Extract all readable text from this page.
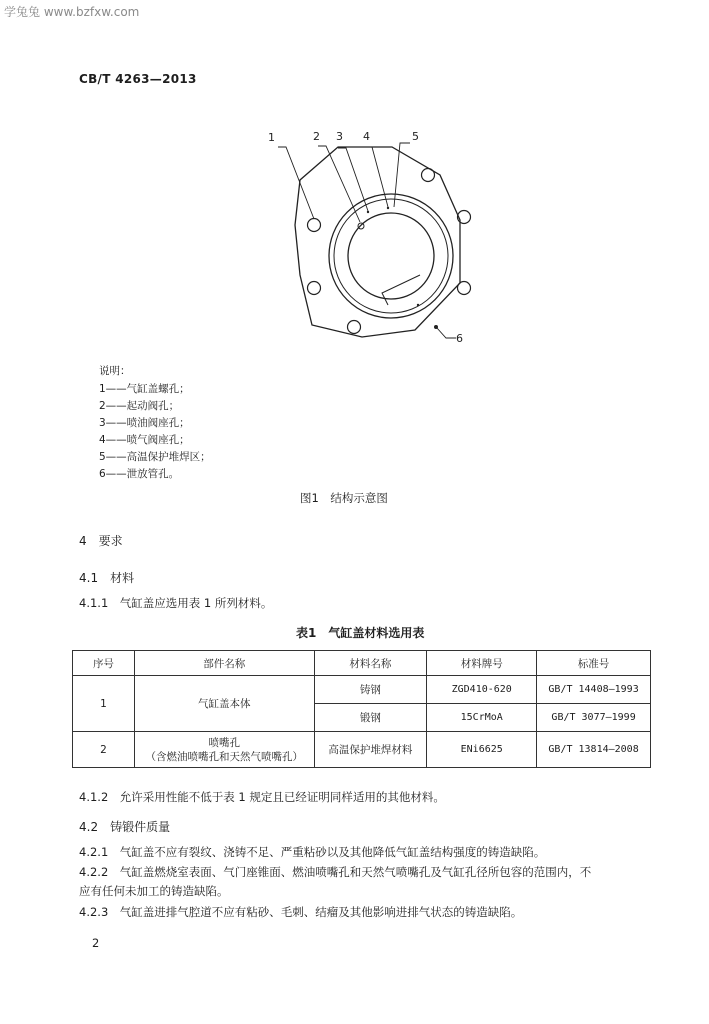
学兔兔 www.bzfxw.com
CB/T 4263—2013
1	2 3 4	5
6
说明：
1——气缸盖螺孔；
2——起动阀孔；
3——喷油阀座孔；
4——喷气阀座孔；
5——高温保护堆焊区；
6——泄放管孔。
图1　结构示意图
4　要求
4.1　材料
4.1.1　气缸盖应选用表 1 所列材料。
表1　气缸盖材料选用表
序号	部件名称	材料名称	材料牌号	标准号
1	气缸盖本体	铸钢	ZGD410-620	GB/T 14408—1993
		锻钢	15CrMoA	GB/T 3077—1999
2	喷嘴孔
（含燃油喷嘴孔和天然气喷嘴孔）	高温保护堆焊材料	ENi6625	GB/T 13814—2008
4.1.2　允许采用性能不低于表 1 规定且已经证明同样适用的其他材料。
4.2　铸锻件质量
4.2.1　气缸盖不应有裂纹、浇铸不足、严重粘砂以及其他降低气缸盖结构强度的铸造缺陷。
4.2.2　气缸盖燃烧室表面、气门座锥面、燃油喷嘴孔和天然气喷嘴孔及气缸孔径所包容的范围内，不
应有任何未加工的铸造缺陷。
4.2.3　气缸盖进排气腔道不应有粘砂、毛刺、结瘤及其他影响进排气状态的铸造缺陷。
2
